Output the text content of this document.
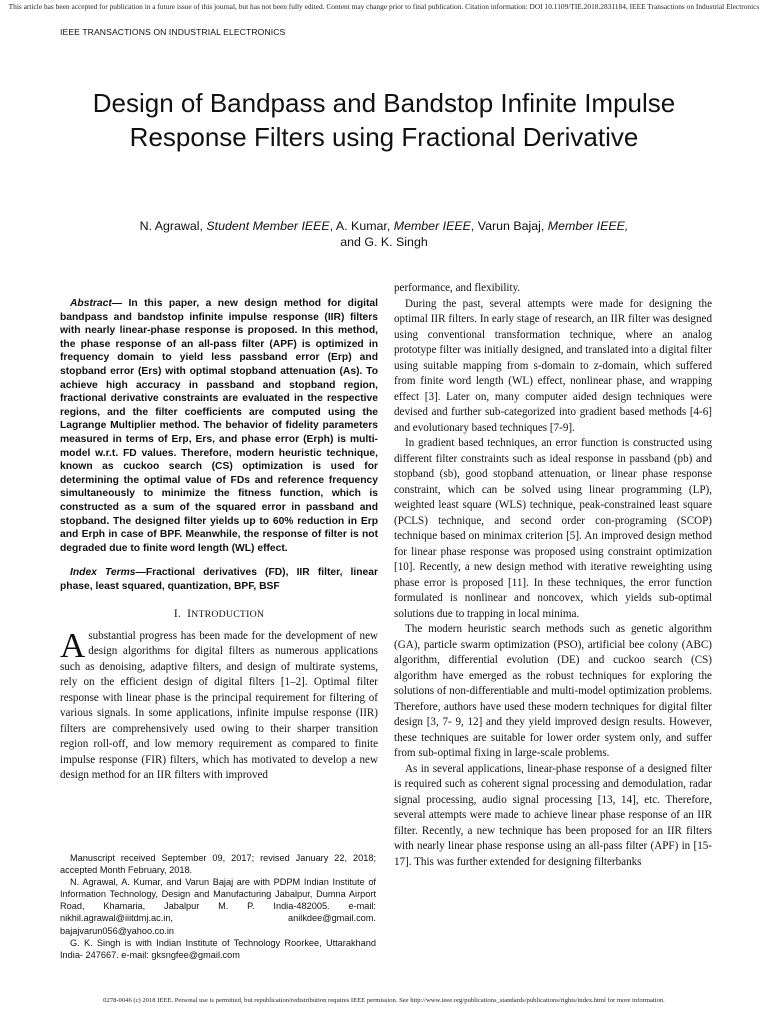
This article has been accepted for publication in a future issue of this journal, but has not been fully edited. Content may change prior to final publication. Citation information: DOI 10.1109/TIE.2018.2831184, IEEE Transactions on Industrial Electronics
IEEE TRANSACTIONS ON INDUSTRIAL ELECTRONICS
Design of Bandpass and Bandstop Infinite Impulse Response Filters using Fractional Derivative
N. Agrawal, Student Member IEEE, A. Kumar, Member IEEE, Varun Bajaj, Member IEEE,
and G. K. Singh

Abstract— In this paper, a new design method for digital bandpass and bandstop infinite impulse response (IIR) filters with nearly linear-phase response is proposed. In this method, the phase response of an all-pass filter (APF) is optimized in frequency domain to yield less passband error (Erp) and stopband error (Ers) with optimal stopband attenuation (As). To achieve high accuracy in passband and stopband region, fractional derivative constraints are evaluated in the respective regions, and the filter coefficients are computed using the Lagrange Multiplier method. The behavior of fidelity parameters measured in terms of Erp, Ers, and phase error (Erph) is multi-model w.r.t. FD values. Therefore, modern heuristic technique, known as cuckoo search (CS) optimization is used for determining the optimal value of FDs and reference frequency simultaneously to minimize the fitness function, which is constructed as a sum of the squared error in passband and stopband. The designed filter yields up to 60% reduction in Erp and Erph in case of BPF. Meanwhile, the response of filter is not degraded due to finite word length (WL) effect.

Index Terms—Fractional derivatives (FD), IIR filter, linear phase, least squared, quantization, BPF, BSF

I. INTRODUCTION

Asubstantial progress has been made for the development of new design algorithms for digital filters as numerous applications such as denoising, adaptive filters, and design of multirate systems, rely on the efficient design of digital filters [1–2]. Optimal filter response with linear phase is the principal requirement for filtering of various signals. In some applications, infinite impulse response (IIR) filters are comprehensively used owing to their sharper transition region roll-off, and low memory requirement as compared to finite impulse response (FIR) filters, which has motivated to develop a new design method for an IIR filters with improved

Manuscript received September 09, 2017; revised January 22, 2018; accepted Month February, 2018.

N. Agrawal, A. Kumar, and Varun Bajaj are with PDPM Indian Institute of Information Technology, Design and Manufacturing Jabalpur, Dumna Airport Road, Khamaria, Jabalpur M. P. India-482005. e-mail: nikhil.agrawal@iiitdmj.ac.in, anilkdee@gmail.com. bajajvarun056@yahoo.co.in

G. K. Singh is with Indian Institute of Technology Roorkee, Uttarakhand India- 247667. e-mail: gksngfee@gmail.com

performance, and flexibility.

During the past, several attempts were made for designing the optimal IIR filters. In early stage of research, an IIR filter was designed using conventional transformation technique, where an analog prototype filter was initially designed, and translated into a digital filter using suitable mapping from s-domain to z-domain, which suffered from finite word length (WL) effect, nonlinear phase, and wrapping effect [3]. Later on, many computer aided design techniques were devised and further sub-categorized into gradient based methods [4-6] and evolutionary based techniques [7-9].

In gradient based techniques, an error function is constructed using different filter constraints such as ideal response in passband (pb) and stopband (sb), good stopband attenuation, or linear phase response constraint, which can be solved using linear programming (LP), weighted least square (WLS) technique, peak-constrained least square (PCLS) technique, and second order con-programing (SCOP) technique based on minimax criterion [5]. An improved design method for linear phase response was proposed using constraint optimization [10]. Recently, a new design method with iterative reweighting using phase error is proposed [11]. In these techniques, the error function formulated is nonlinear and noncovex, which yields sub-optimal solutions due to trapping in local minima.

The modern heuristic search methods such as genetic algorithm (GA), particle swarm optimization (PSO), artificial bee colony (ABC) algorithm, differential evolution (DE) and cuckoo search (CS) algorithm have emerged as the robust techniques for exploring the solutions of non-differentiable and multi-model optimization problems. Therefore, authors have used these modern techniques for digital filter design [3, 7- 9, 12] and they yield improved design results. However, these techniques are suitable for lower order system only, and suffer from sub-optimal fixing in large-scale problems.

As in several applications, linear-phase response of a designed filter is required such as coherent signal processing and demodulation, radar signal processing, audio signal processing [13, 14], etc. Therefore, several attempts were made to achieve linear phase response of an IIR filter. Recently, a new technique has been proposed for an IIR filters with nearly linear phase response using an all-pass filter (APF) in [15-17]. This was further extended for designing filterbanks

0278-0046 (c) 2018 IEEE. Personal use is permitted, but republication/redistribution requires IEEE permission. See http://www.ieee.org/publications_standards/publications/rights/index.html for more information.
